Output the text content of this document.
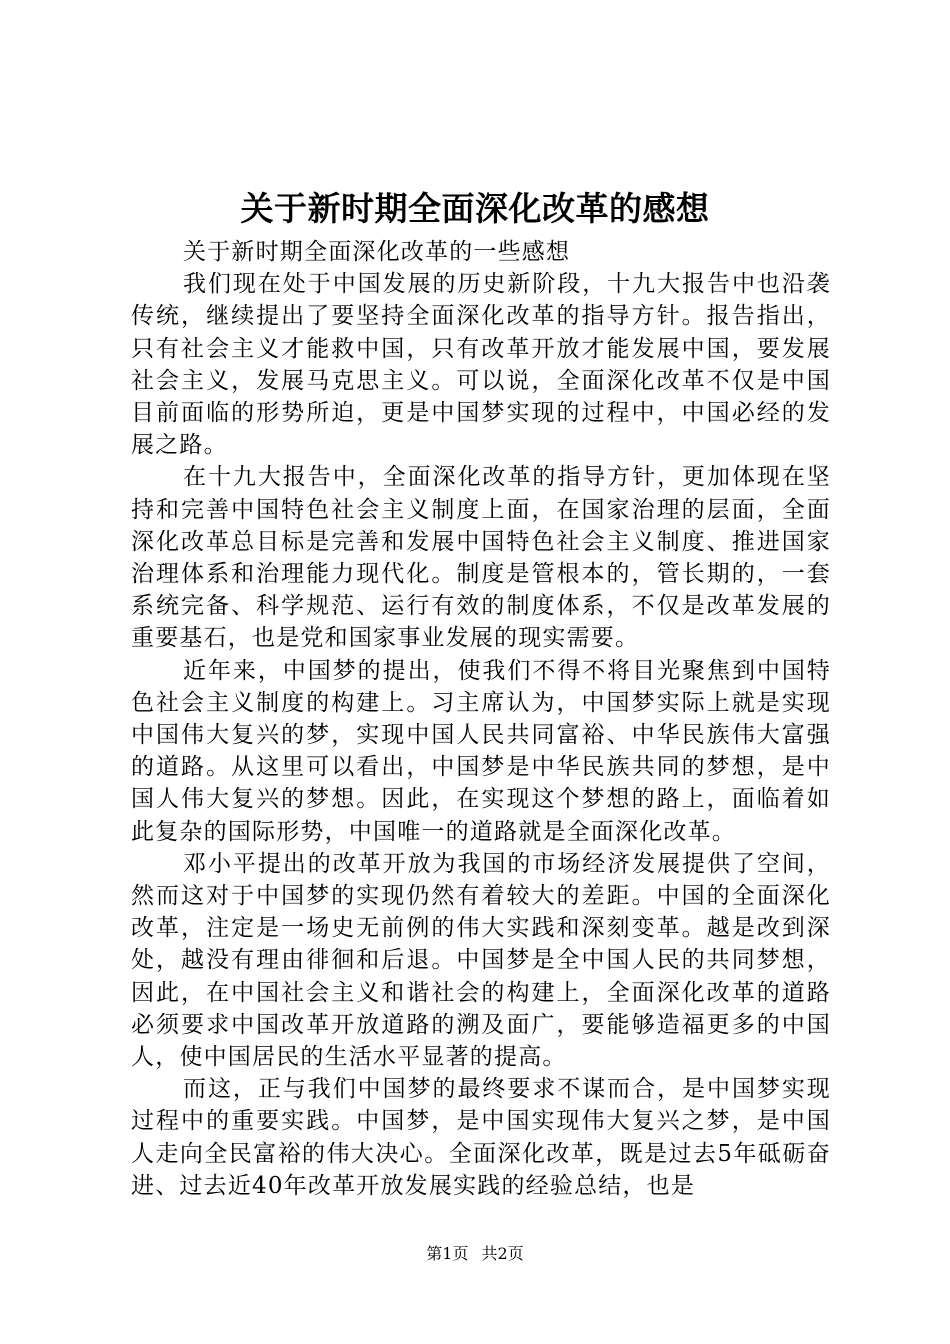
关于新时期全面深化改革的感想

关于新时期全面深化改革的一些感想

我们现在处于中国发展的历史新阶段，十九大报告中也沿袭传统，继续提出了要坚持全面深化改革的指导方针。报告指出，只有社会主义才能救中国，只有改革开放才能发展中国，要发展社会主义，发展马克思主义。可以说，全面深化改革不仅是中国目前面临的形势所迫，更是中国梦实现的过程中，中国必经的发展之路。

在十九大报告中，全面深化改革的指导方针，更加体现在坚持和完善中国特色社会主义制度上面，在国家治理的层面，全面深化改革总目标是完善和发展中国特色社会主义制度、推进国家治理体系和治理能力现代化。制度是管根本的，管长期的，一套系统完备、科学规范、运行有效的制度体系，不仅是改革发展的重要基石，也是党和国家事业发展的现实需要。

近年来，中国梦的提出，使我们不得不将目光聚焦到中国特色社会主义制度的构建上。习主席认为，中国梦实际上就是实现中国伟大复兴的梦，实现中国人民共同富裕、中华民族伟大富强的道路。从这里可以看出，中国梦是中华民族共同的梦想，是中国人伟大复兴的梦想。因此，在实现这个梦想的路上，面临着如此复杂的国际形势，中国唯一的道路就是全面深化改革。

邓小平提出的改革开放为我国的市场经济发展提供了空间，然而这对于中国梦的实现仍然有着较大的差距。中国的全面深化改革，注定是一场史无前例的伟大实践和深刻变革。越是改到深处，越没有理由徘徊和后退。中国梦是全中国人民的共同梦想，因此，在中国社会主义和谐社会的构建上，全面深化改革的道路必须要求中国改革开放道路的溯及面广，要能够造福更多的中国人，使中国居民的生活水平显著的提高。

而这，正与我们中国梦的最终要求不谋而合，是中国梦实现过程中的重要实践。中国梦，是中国实现伟大复兴之梦，是中国人走向全民富裕的伟大决心。全面深化改革，既是过去5年砥砺奋进、过去近40年改革开放发展实践的经验总结，也是

第1页 共2页
